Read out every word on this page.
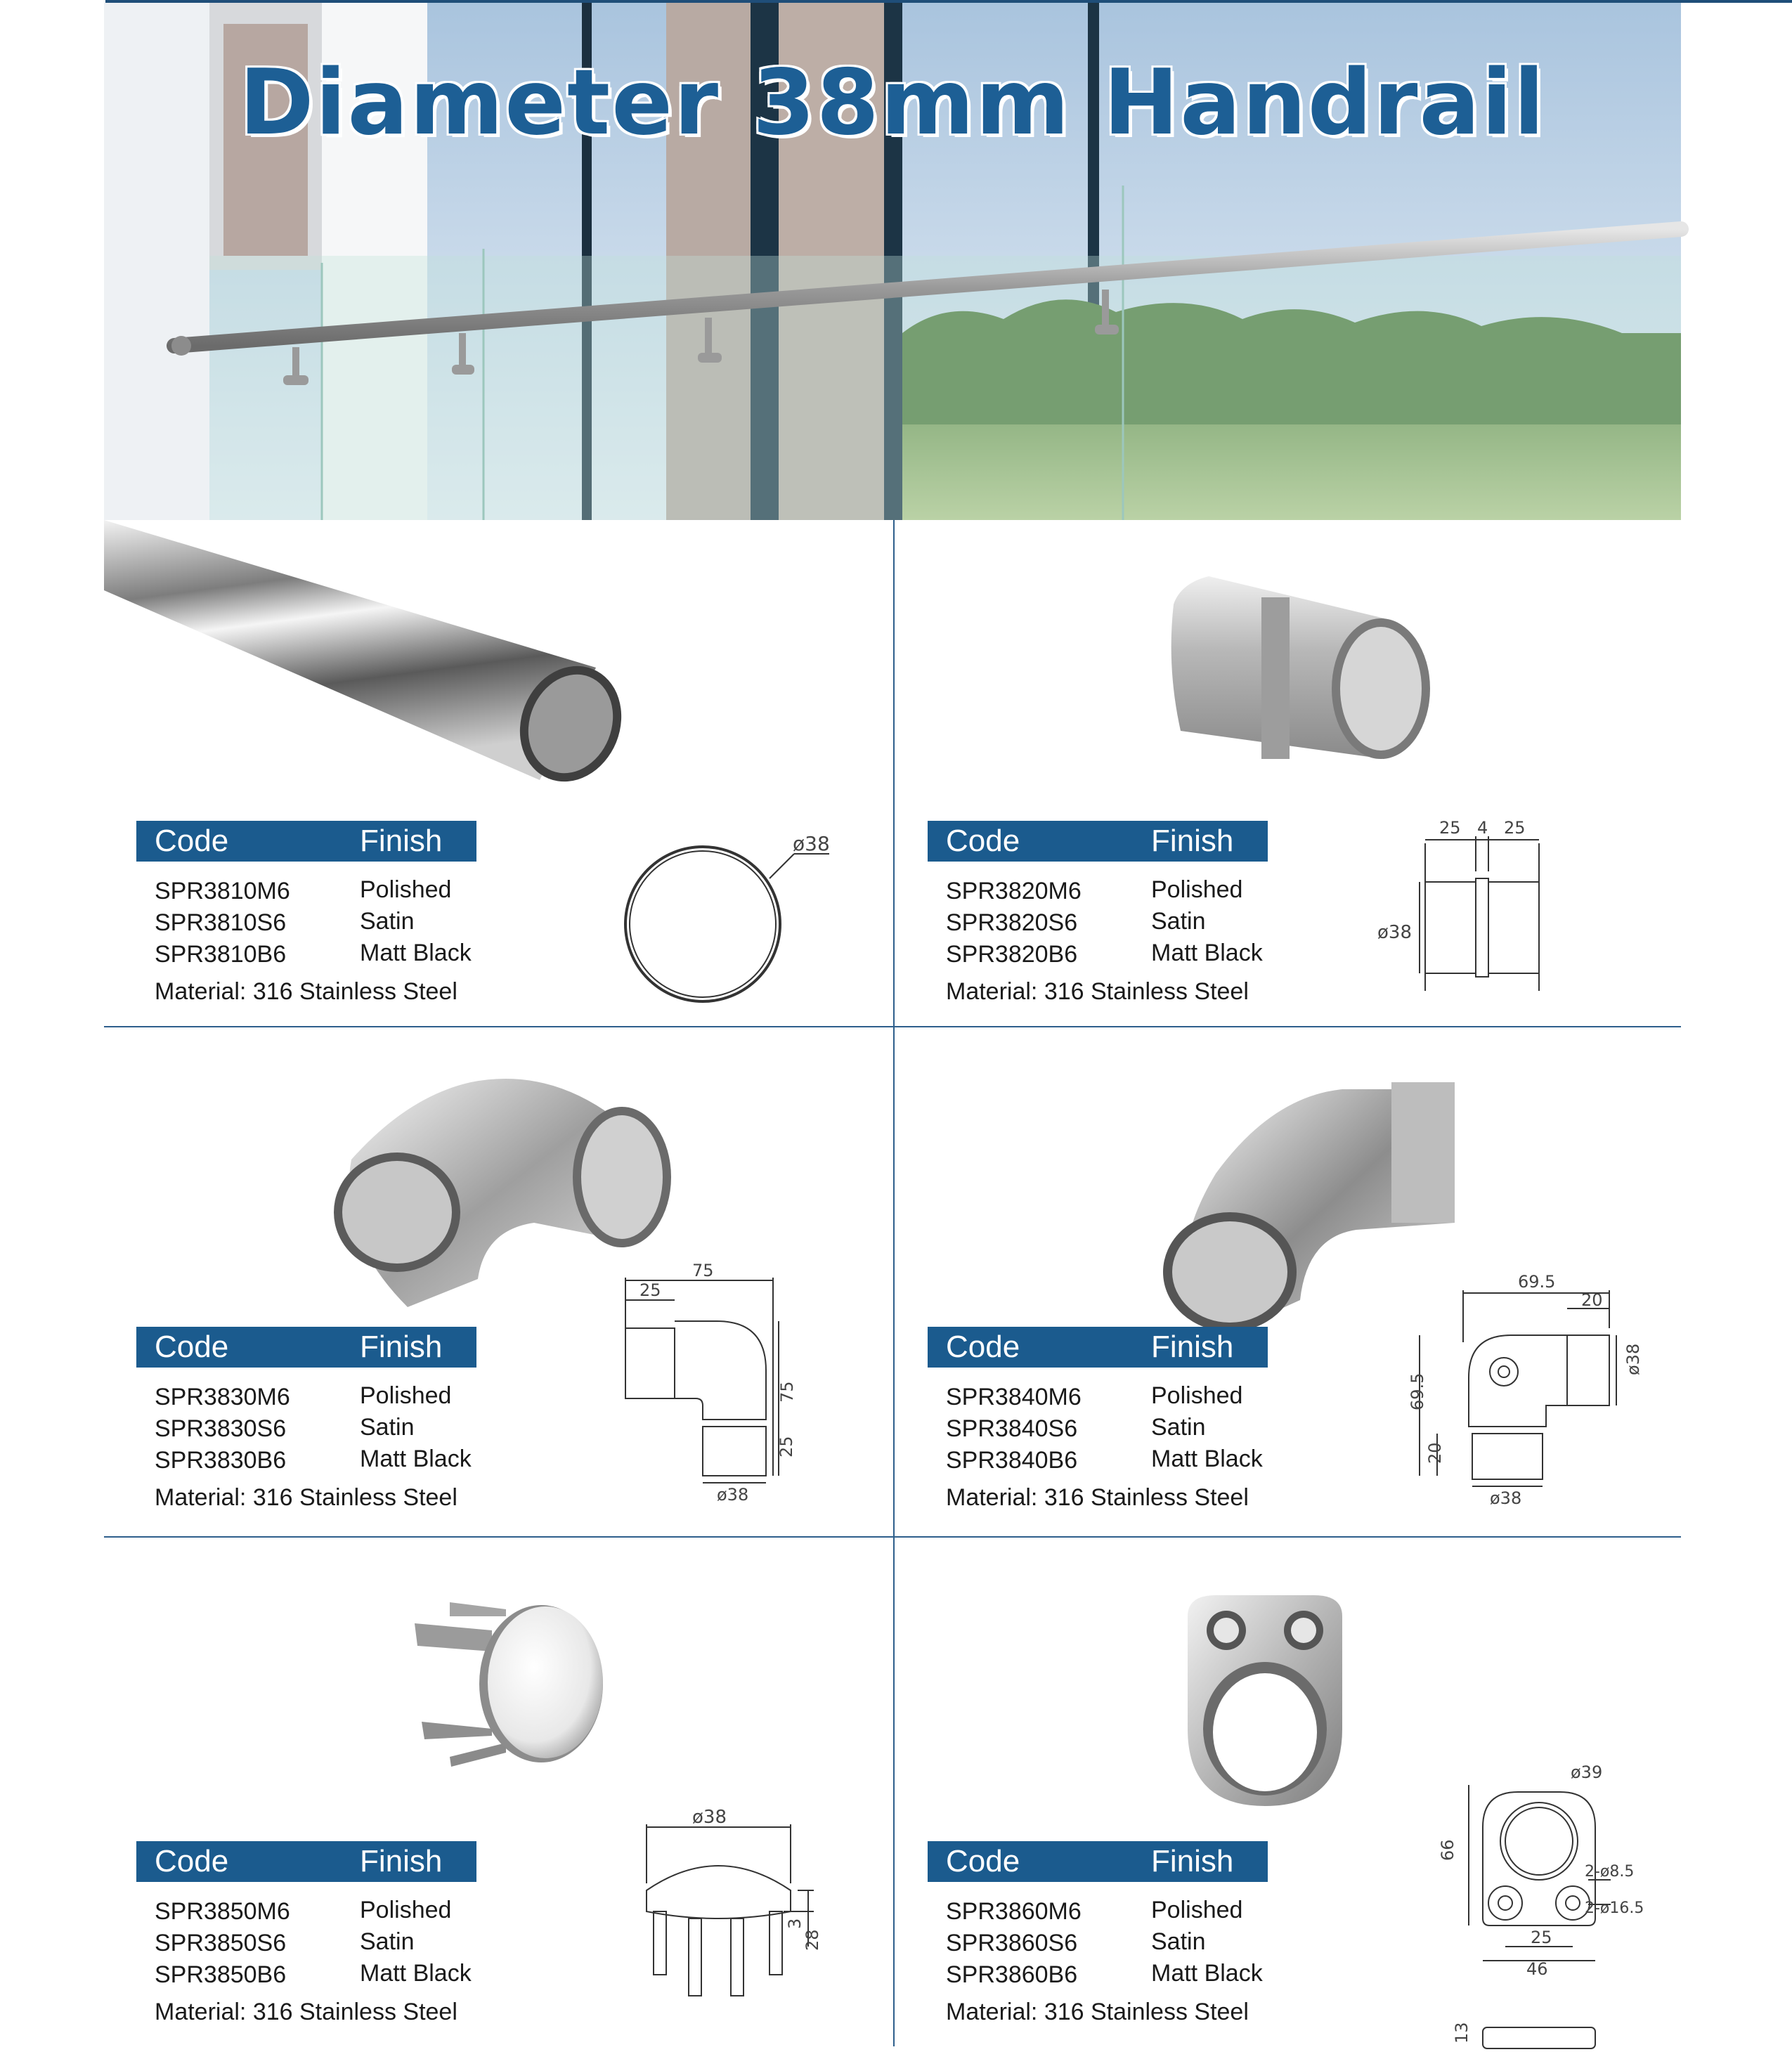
Diameter 38mm Handrail
ø38
25 4 25
ø38
75
25
75
25
ø38
69.5
20
ø38
69.5
20
ø38
ø38
3
28
ø39
66
2-ø8.5
2-ø16.5
25
46
13
Code	Finish
SPR3810M6	Polished
SPR3810S6	Satin
SPR3810B6	Matt Black
Material: 316 Stainless Steel
Code	Finish
SPR3820M6	Polished
SPR3820S6	Satin
SPR3820B6	Matt Black
Material: 316 Stainless Steel
Code	Finish
SPR3830M6	Polished
SPR3830S6	Satin
SPR3830B6	Matt Black
Material: 316 Stainless Steel
Code	Finish
SPR3840M6	Polished
SPR3840S6	Satin
SPR3840B6	Matt Black
Material: 316 Stainless Steel
Code	Finish
SPR3850M6	Polished
SPR3850S6	Satin
SPR3850B6	Matt Black
Material: 316 Stainless Steel
Code	Finish
SPR3860M6	Polished
SPR3860S6	Satin
SPR3860B6	Matt Black
Material: 316 Stainless Steel
